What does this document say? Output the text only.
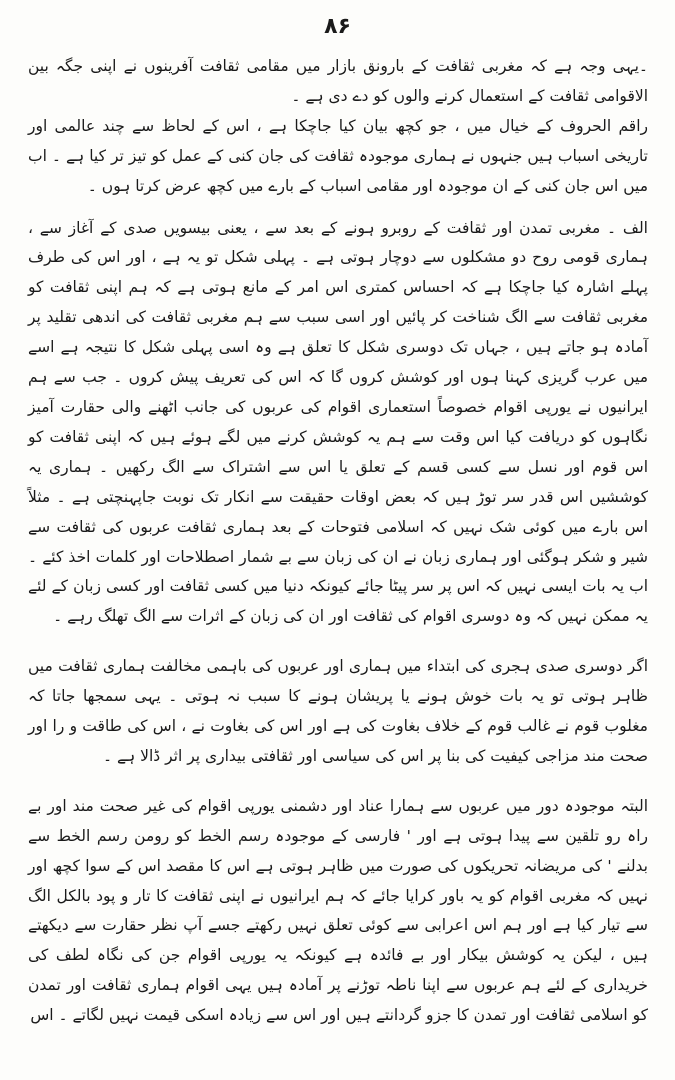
۸۶

۔یہی وجہ ہے کہ مغربی ثقافت کے بارونق بازار میں مقامی ثقافت آفرینوں نے اپنی جگہ بین الاقوامی ثقافت کے استعمال کرنے والوں کو دے دی ہے ۔

راقم الحروف کے خیال میں ، جو کچھ بیان کیا جاچکا ہے ، اس کے لحاظ سے چند عالمی اور تاریخی اسباب ہیں جنہوں نے ہماری موجودہ ثقافت کی جان کنی کے عمل کو تیز تر کیا ہے ۔ اب میں اس جان کنی کے ان موجودہ اور مقامی اسباب کے بارے میں کچھ عرض کرتا ہوں ۔

الف ۔ مغربی تمدن اور ثقافت کے روبرو ہونے کے بعد سے ، یعنی بیسویں صدی کے آغاز سے ، ہماری قومی روح دو مشکلوں سے دوچار ہوتی ہے ۔ پہلی شکل تو یہ ہے ، اور اس کی طرف پہلے اشارہ کیا جاچکا ہے کہ احساس کمتری اس امر کے مانع ہوتی ہے کہ ہم اپنی ثقافت کو مغربی ثقافت سے الگ شناخت کر پائیں اور اسی سبب سے ہم مغربی ثقافت کی اندھی تقلید پر آمادہ ہو جاتے ہیں ، جہاں تک دوسری شکل کا تعلق ہے وہ اسی پہلی شکل کا نتیجہ ہے اسے میں عرب گریزی کہنا ہوں اور کوشش کروں گا کہ اس کی تعریف پیش کروں ۔ جب سے ہم ایرانیوں نے یورپی اقوام خصوصاً استعماری اقوام کی عربوں کی جانب اٹھنے والی حقارت آمیز نگاہوں کو دریافت کیا اس وقت سے ہم یہ کوشش کرنے میں لگے ہوئے ہیں کہ اپنی ثقافت کو اس قوم اور نسل سے کسی قسم کے تعلق یا اس سے اشتراک سے الگ رکھیں ۔ ہماری یہ کوششیں اس قدر سر توڑ ہیں کہ بعض اوقات حقیقت سے انکار تک نوبت جاپہنچتی ہے ۔ مثلاً اس بارے میں کوئی شک نہیں کہ اسلامی فتوحات کے بعد ہماری ثقافت عربوں کی ثقافت سے شیر و شکر ہوگئی اور ہماری زبان نے ان کی زبان سے بے شمار اصطلاحات اور کلمات اخذ کئے ۔ اب یہ بات ایسی نہیں کہ اس پر سر پیٹا جائے کیونکہ دنیا میں کسی ثقافت اور کسی زبان کے لئے یہ ممکن نہیں کہ وہ دوسری اقوام کی ثقافت اور ان کی زبان کے اثرات سے الگ تھلگ رہے ۔

اگر دوسری صدی ہجری کی ابتداء میں ہماری اور عربوں کی باہمی مخالفت ہماری ثقافت میں ظاہر ہوتی تو یہ بات خوش ہونے یا پریشان ہونے کا سبب نہ ہوتی ۔ یہی سمجھا جاتا کہ مغلوب قوم نے غالب قوم کے خلاف بغاوت کی ہے اور اس کی بغاوت نے ، اس کی طاقت و را اور صحت مند مزاجی کیفیت کی بنا پر اس کی سیاسی اور ثقافتی بیداری پر اثر ڈالا ہے ۔

البتہ موجودہ دور میں عربوں سے ہمارا عناد اور دشمنی یورپی اقوام کی غیر صحت مند اور بے راہ رو تلقین سے پیدا ہوتی ہے اور ' فارسی کے موجودہ رسم الخط کو رومن رسم الخط سے بدلنے ' کی مریضانہ تحریکوں کی صورت میں ظاہر ہوتی ہے اس کا مقصد اس کے سوا کچھ اور نہیں کہ مغربی اقوام کو یہ باور کرایا جائے کہ ہم ایرانیوں نے اپنی ثقافت کا تار و پود بالکل الگ سے تیار کیا ہے اور ہم اس اعرابی سے کوئی تعلق نہیں رکھتے جسے آپ نظر حقارت سے دیکھتے ہیں ، لیکن یہ کوشش بیکار اور بے فائدہ ہے کیونکہ یہ یورپی اقوام جن کی نگاہ لطف کی خریداری کے لئے ہم عربوں سے اپنا ناطہ توڑنے پر آمادہ ہیں یہی اقوام ہماری ثقافت اور تمدن کو اسلامی ثقافت اور تمدن کا جزو گردانتے ہیں اور اس سے زیادہ اسکی قیمت نہیں لگاتے ۔ اس
